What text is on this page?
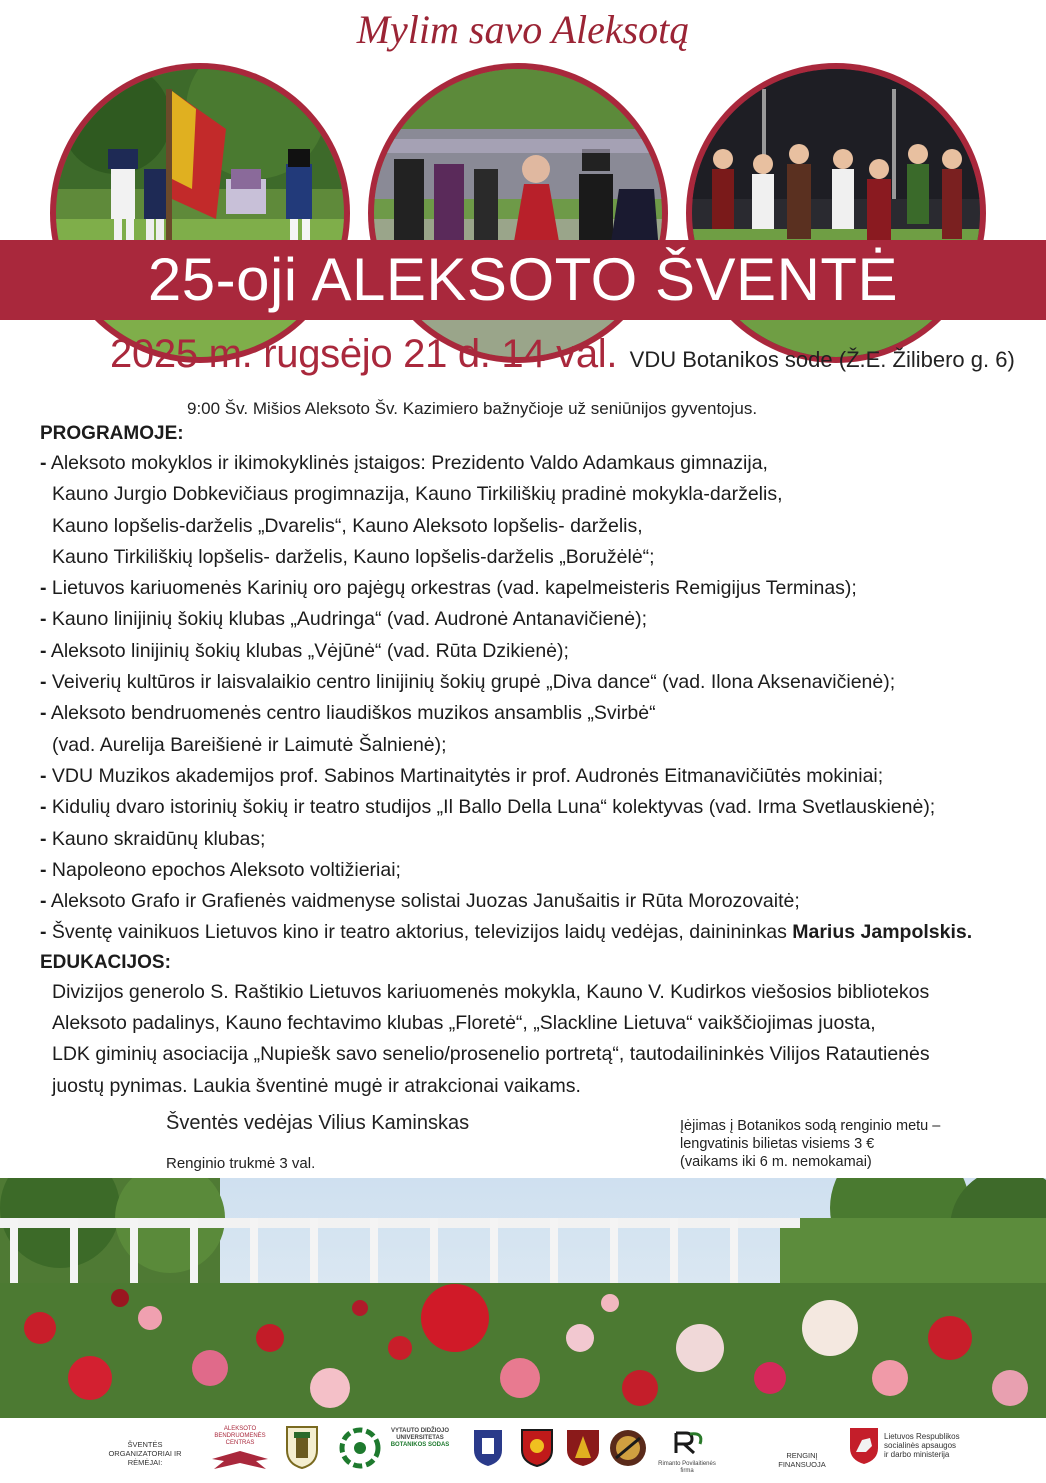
Mylim savo Aleksotą
25-oji ALEKSOTO ŠVENTĖ
2025 m. rugsėjo 21 d. 14 val. VDU Botanikos sode (Ž.E. Žilibero g. 6)
9:00 Šv. Mišios Aleksoto Šv. Kazimiero bažnyčioje už seniūnijos gyventojus.
PROGRAMOJE:
- Aleksoto mokyklos ir ikimokyklinės įstaigos: Prezidento Valdo Adamkaus gimnazija,
Kauno Jurgio Dobkevičiaus progimnazija, Kauno Tirkiliškių pradinė mokykla-darželis,
Kauno lopšelis-darželis „Dvarelis“, Kauno Aleksoto lopšelis- darželis,
Kauno Tirkiliškių lopšelis- darželis, Kauno lopšelis-darželis „Boružėlė“;
- Lietuvos kariuomenės Karinių oro pajėgų orkestras (vad. kapelmeisteris Remigijus Terminas);
- Kauno linijinių šokių klubas „Audringa“ (vad. Audronė Antanavičienė);
- Aleksoto linijinių šokių klubas „Vėjūnė“ (vad. Rūta Dzikienė);
- Veiverių kultūros ir laisvalaikio centro linijinių šokių grupė „Diva dance“ (vad. Ilona Aksenavičienė);
- Aleksoto bendruomenės centro liaudiškos muzikos ansamblis „Svirbė“
(vad. Aurelija Bareišienė ir Laimutė Šalnienė);
- VDU Muzikos akademijos prof. Sabinos Martinaitytės ir prof. Audronės Eitmanavičiūtės mokiniai;
- Kidulių dvaro istorinių šokių ir teatro studijos „Il Ballo Della Luna“ kolektyvas (vad. Irma Svetlauskienė);
- Kauno skraidūnų klubas;
- Napoleono epochos Aleksoto voltižieriai;
- Aleksoto Grafo ir Grafienės vaidmenyse solistai Juozas Janušaitis ir Rūta Morozovaitė;
- Šventę vainikuos Lietuvos kino ir teatro aktorius, televizijos laidų vedėjas, dainininkas Marius Jampolskis.
EDUKACIJOS:
Divizijos generolo S. Raštikio Lietuvos kariuomenės mokykla, Kauno V. Kudirkos viešosios bibliotekos
Aleksoto padalinys, Kauno fechtavimo klubas „Floretė“, „Slackline Lietuva“ vaikščiojimas juosta,
LDK giminių asociacija „Nupiešk savo senelio/prosenelio portretą“, tautodailininkės Vilijos Ratautienės
juostų pynimas. Laukia šventinė mugė ir atrakcionai vaikams.
Šventės vedėjas Vilius Kaminskas
Renginio trukmė 3 val.
Įėjimas į Botanikos sodą renginio metu –
lengvatinis bilietas visiems 3 €
(vaikams iki 6 m. nemokamai)
ŠVENTĖS
ORGANIZATORIAI IR RĖMĖJAI:
ALEKSOTO
BENDRUOMENĖS
CENTRAS
VYTAUTO DIDŽIOJO
UNIVERSITETAS
BOTANIKOS SODAS
Rimanto Povilaitienės firma
RENGINĮ FINANSUOJA
Lietuvos Respublikos
socialinės apsaugos
ir darbo ministerija
